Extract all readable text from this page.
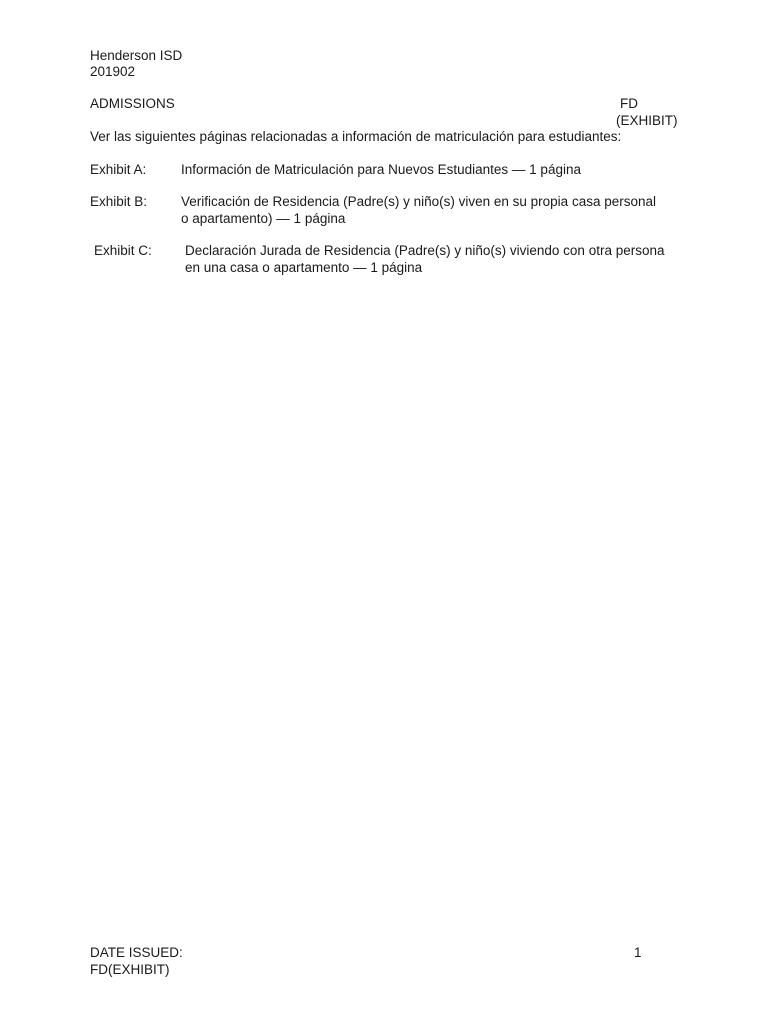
Henderson ISD
201902
ADMISSIONS	FD
(EXHIBIT)
Ver las siguientes páginas relacionadas a información de matriculación para estudiantes:
Exhibit A:	Información de Matriculación para Nuevos Estudiantes — 1 página
Exhibit B:	Verificación de Residencia (Padre(s) y niño(s) viven en su propia casa personal
o apartamento) — 1 página
Exhibit C: Declaración Jurada de Residencia (Padre(s) y niño(s) viviendo con otra persona
en una casa o apartamento — 1 página
DATE ISSUED:	1
FD(EXHIBIT)
